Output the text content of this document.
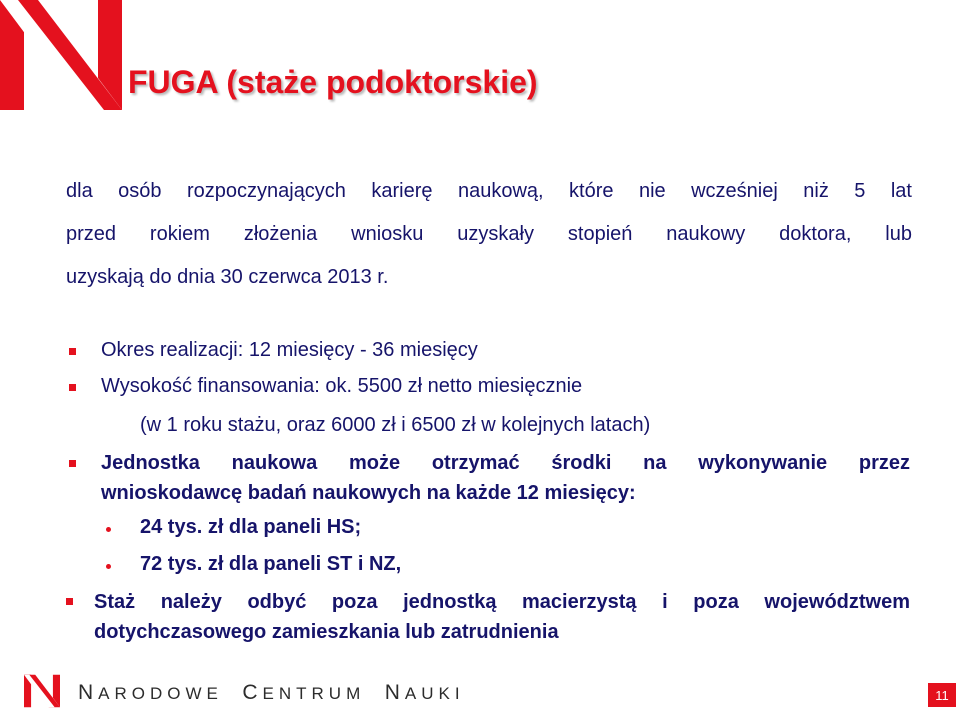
FUGA (staże podoktorskie)

dla osób rozpoczynających karierę naukową, które nie wcześniej niż 5 lat
przed rokiem złożenia wniosku uzyskały stopień naukowy doktora, lub
uzyskają do dnia 30 czerwca 2013 r.

Okres realizacji: 12 miesięcy - 36 miesięcy
Wysokość finansowania: ok. 5500 zł netto miesięcznie
(w 1 roku stażu, oraz 6000 zł i 6500 zł w kolejnych latach)
Jednostka naukowa może otrzymać środki na wykonywanie przez
wnioskodawcę badań naukowych na każde 12 miesięcy:
24 tys. zł dla paneli HS;
72 tys. zł dla paneli ST i NZ,
Staż należy odbyć poza jednostką macierzystą i poza województwem
dotychczasowego zamieszkania lub zatrudnienia
NARODOWE CENTRUM NAUKI	11
